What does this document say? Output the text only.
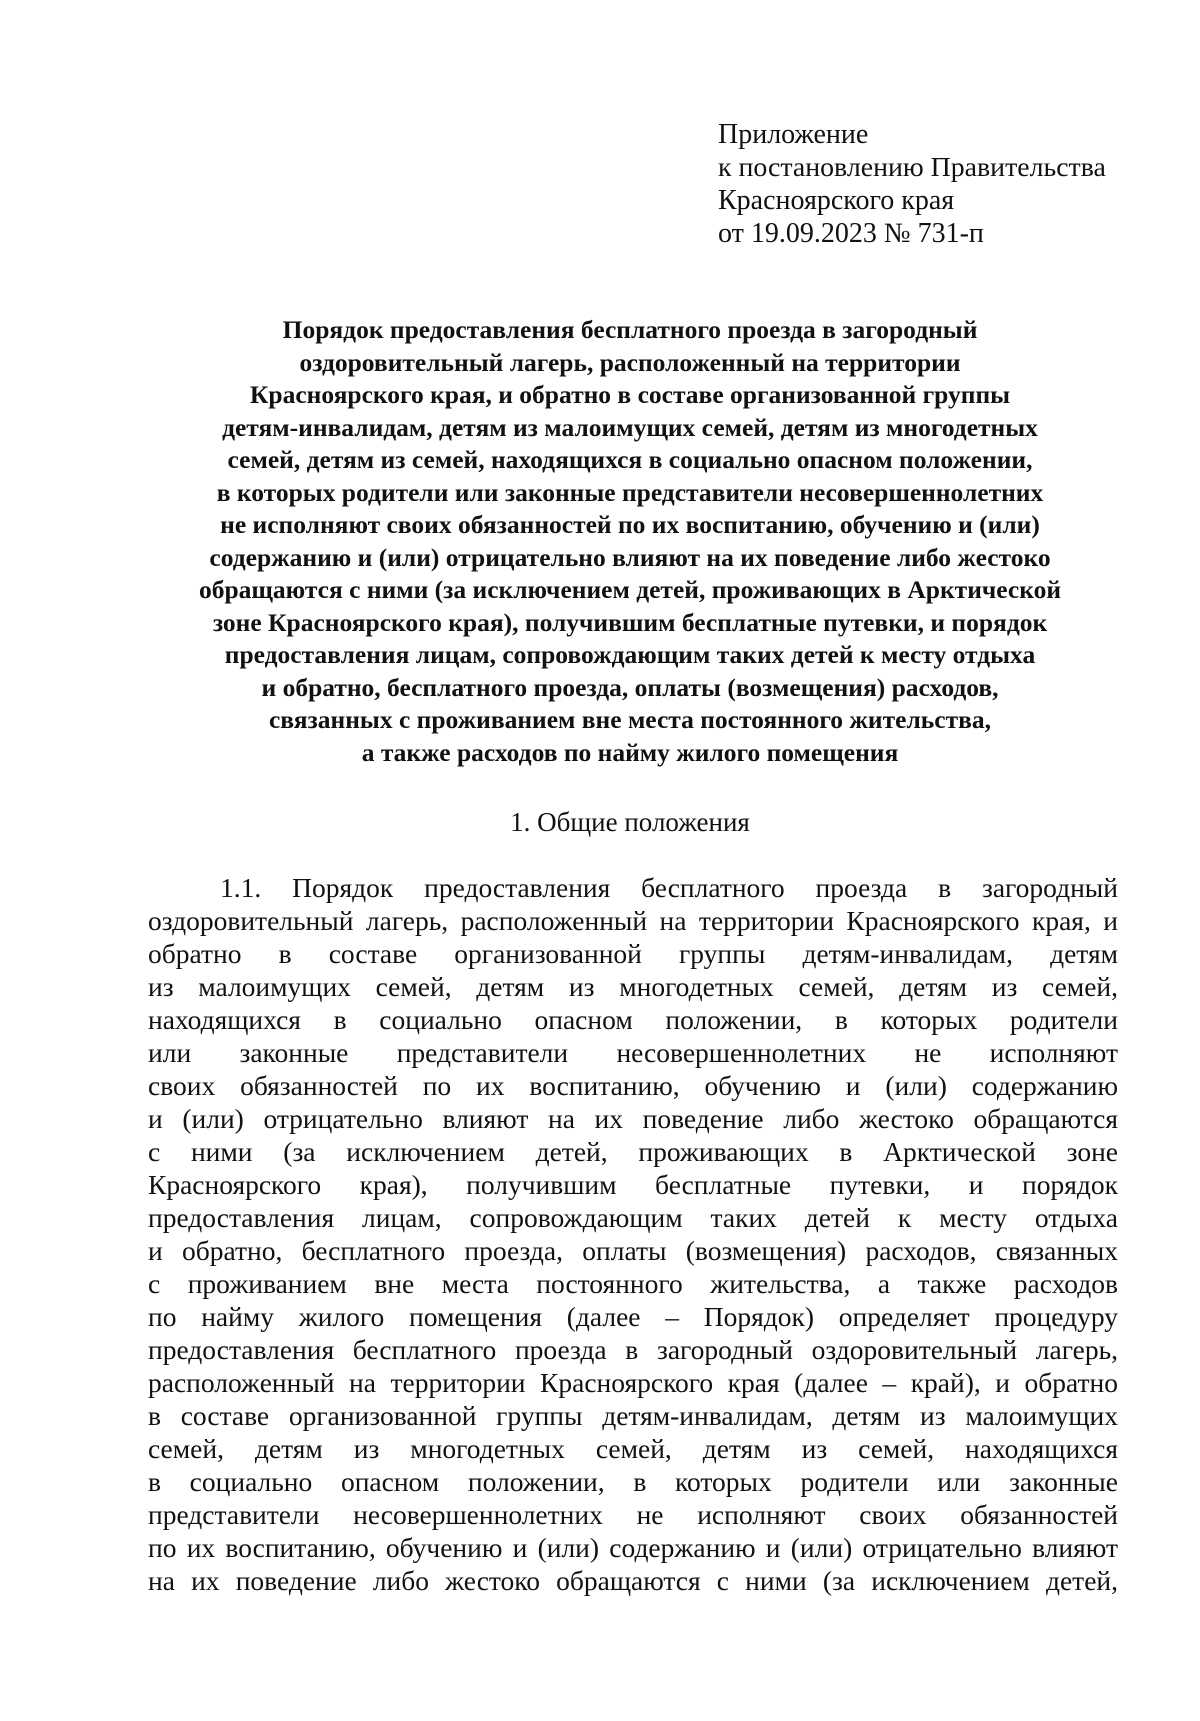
Приложение
к постановлению Правительства
Красноярского края
от 19.09.2023 № 731-п
Порядок предоставления бесплатного проезда в загородный
оздоровительный лагерь, расположенный на территории
Красноярского края, и обратно в составе организованной группы
детям-инвалидам, детям из малоимущих семей, детям из многодетных
семей, детям из семей, находящихся в социально опасном положении,
в которых родители или законные представители несовершеннолетних
не исполняют своих обязанностей по их воспитанию, обучению и (или)
содержанию и (или) отрицательно влияют на их поведение либо жестоко
обращаются с ними (за исключением детей, проживающих в Арктической
зоне Красноярского края), получившим бесплатные путевки, и порядок
предоставления лицам, сопровождающим таких детей к месту отдыха
и обратно, бесплатного проезда, оплаты (возмещения) расходов,
связанных с проживанием вне места постоянного жительства,
а также расходов по найму жилого помещения
1. Общие положения
1.1. Порядок предоставления бесплатного проезда в загородный
оздоровительный лагерь, расположенный на территории Красноярского края, и
обратно в составе организованной группы детям-инвалидам, детям
из малоимущих семей, детям из многодетных семей, детям из семей,
находящихся в социально опасном положении, в которых родители
или законные представители несовершеннолетних не исполняют
своих обязанностей по их воспитанию, обучению и (или) содержанию
и (или) отрицательно влияют на их поведение либо жестоко обращаются
с ними (за исключением детей, проживающих в Арктической зоне
Красноярского края), получившим бесплатные путевки, и порядок
предоставления лицам, сопровождающим таких детей к месту отдыха
и обратно, бесплатного проезда, оплаты (возмещения) расходов, связанных
с проживанием вне места постоянного жительства, а также расходов
по найму жилого помещения (далее – Порядок) определяет процедуру
предоставления бесплатного проезда в загородный оздоровительный лагерь,
расположенный на территории Красноярского края (далее – край), и обратно
в составе организованной группы детям-инвалидам, детям из малоимущих
семей, детям из многодетных семей, детям из семей, находящихся
в социально опасном положении, в которых родители или законные
представители несовершеннолетних не исполняют своих обязанностей
по их воспитанию, обучению и (или) содержанию и (или) отрицательно влияют
на их поведение либо жестоко обращаются с ними (за исключением детей,
